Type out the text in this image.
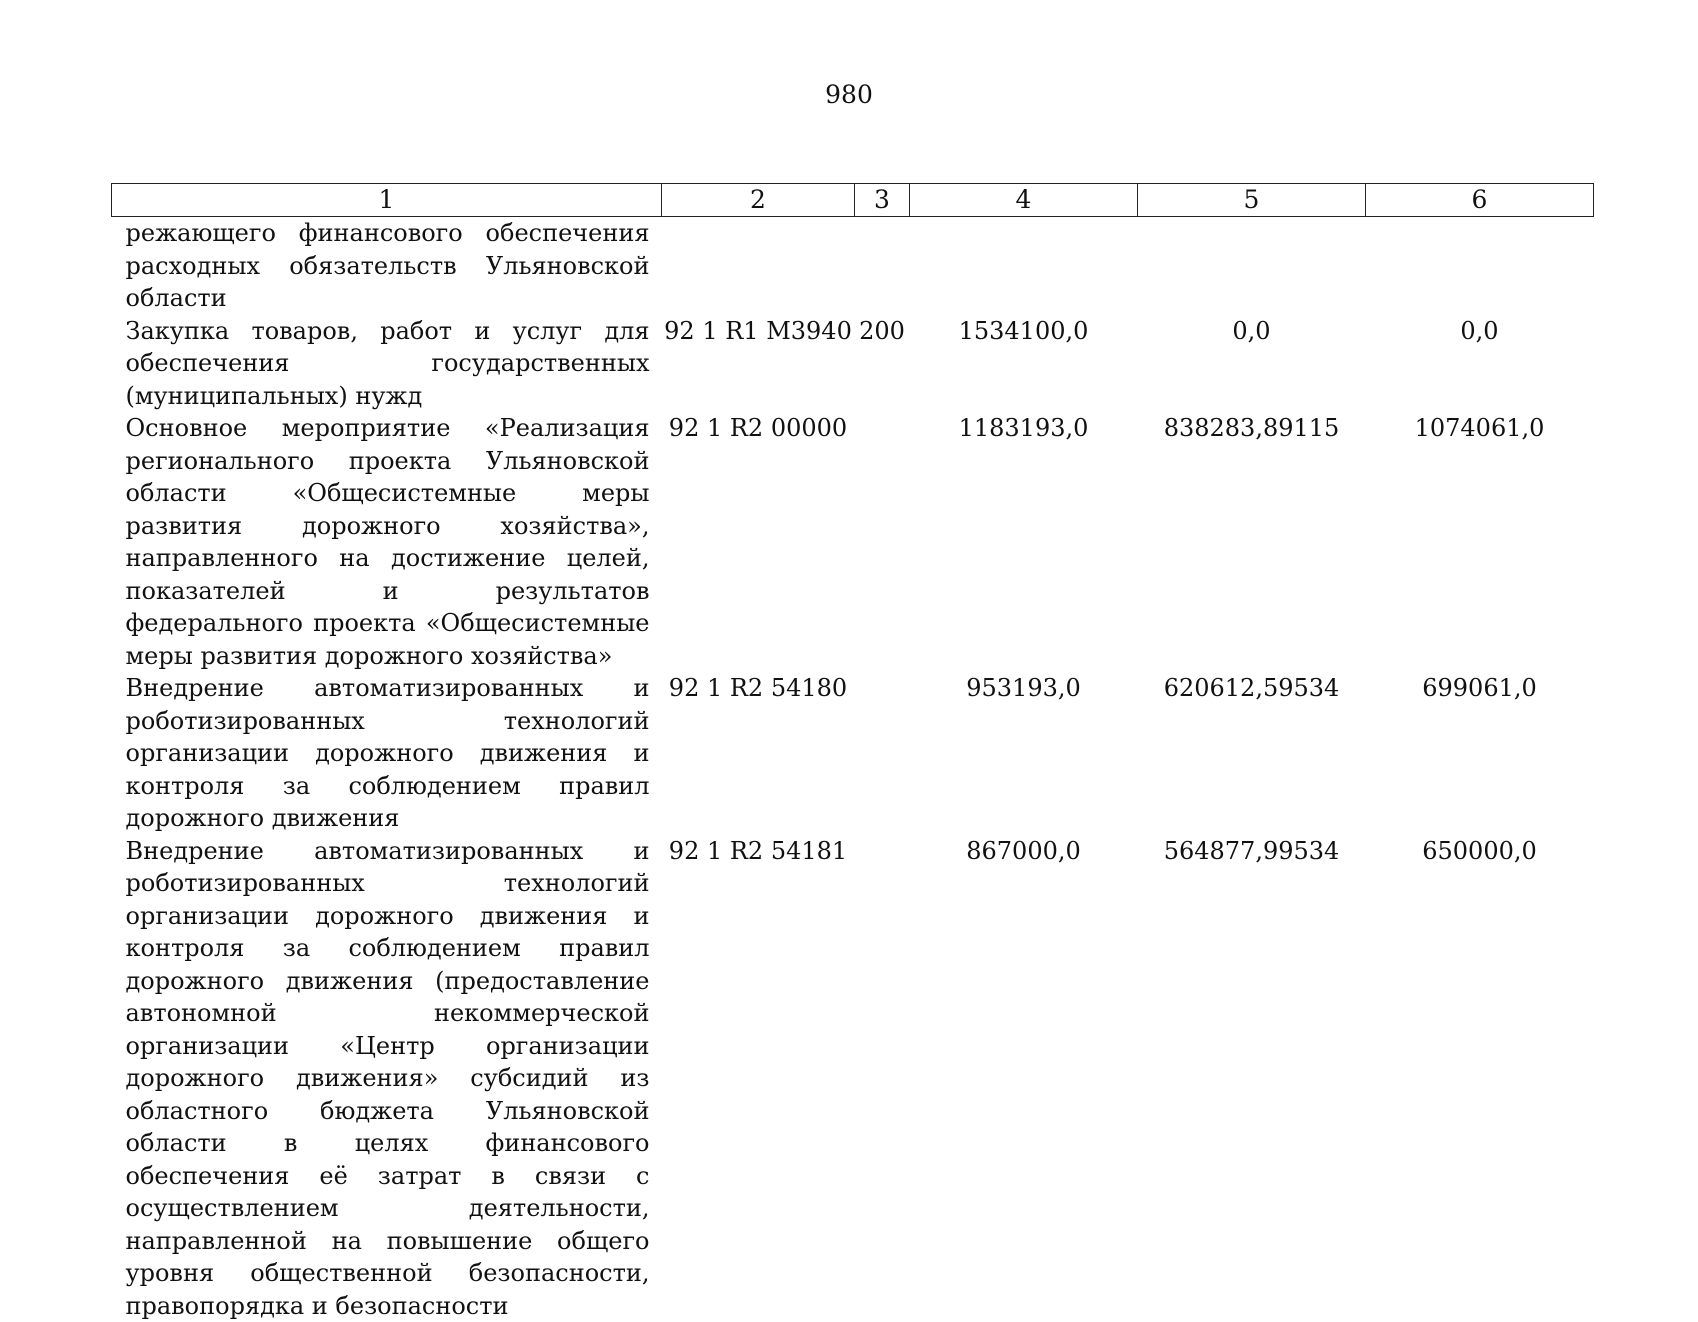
980
1	2	3	4	5	6
режающего финансового обеспечения расходных обязательств Ульяновской области					
Закупка товаров, работ и услуг для обеспечения государственных (муниципальных) нужд	92 1 R1 M3940	200	1534100,0	0,0	0,0
Основное мероприятие «Реализация регионального проекта Ульяновской области «Общесистемные меры развития дорожного хозяйства», направленного на достижение целей, показателей и результатов федерального проекта «Общесистемные меры развития дорожного хозяйства»	92 1 R2 00000		1183193,0	838283,89115	1074061,0
Внедрение автоматизированных и роботизированных технологий организации дорожного движения и контроля за соблюдением правил дорожного движения	92 1 R2 54180		953193,0	620612,59534	699061,0
Внедрение автоматизированных и роботизированных технологий организации дорожного движения и контроля за соблюдением правил дорожного движения (предоставление автономной некоммерческой организации «Центр организации дорожного движения» субсидий из областного бюджета Ульяновской области в целях финансового обеспечения её затрат в связи с осуществлением деятельности, направленной на повышение общего уровня общественной безопасности, правопорядка и безопасности	92 1 R2 54181		867000,0	564877,99534	650000,0
